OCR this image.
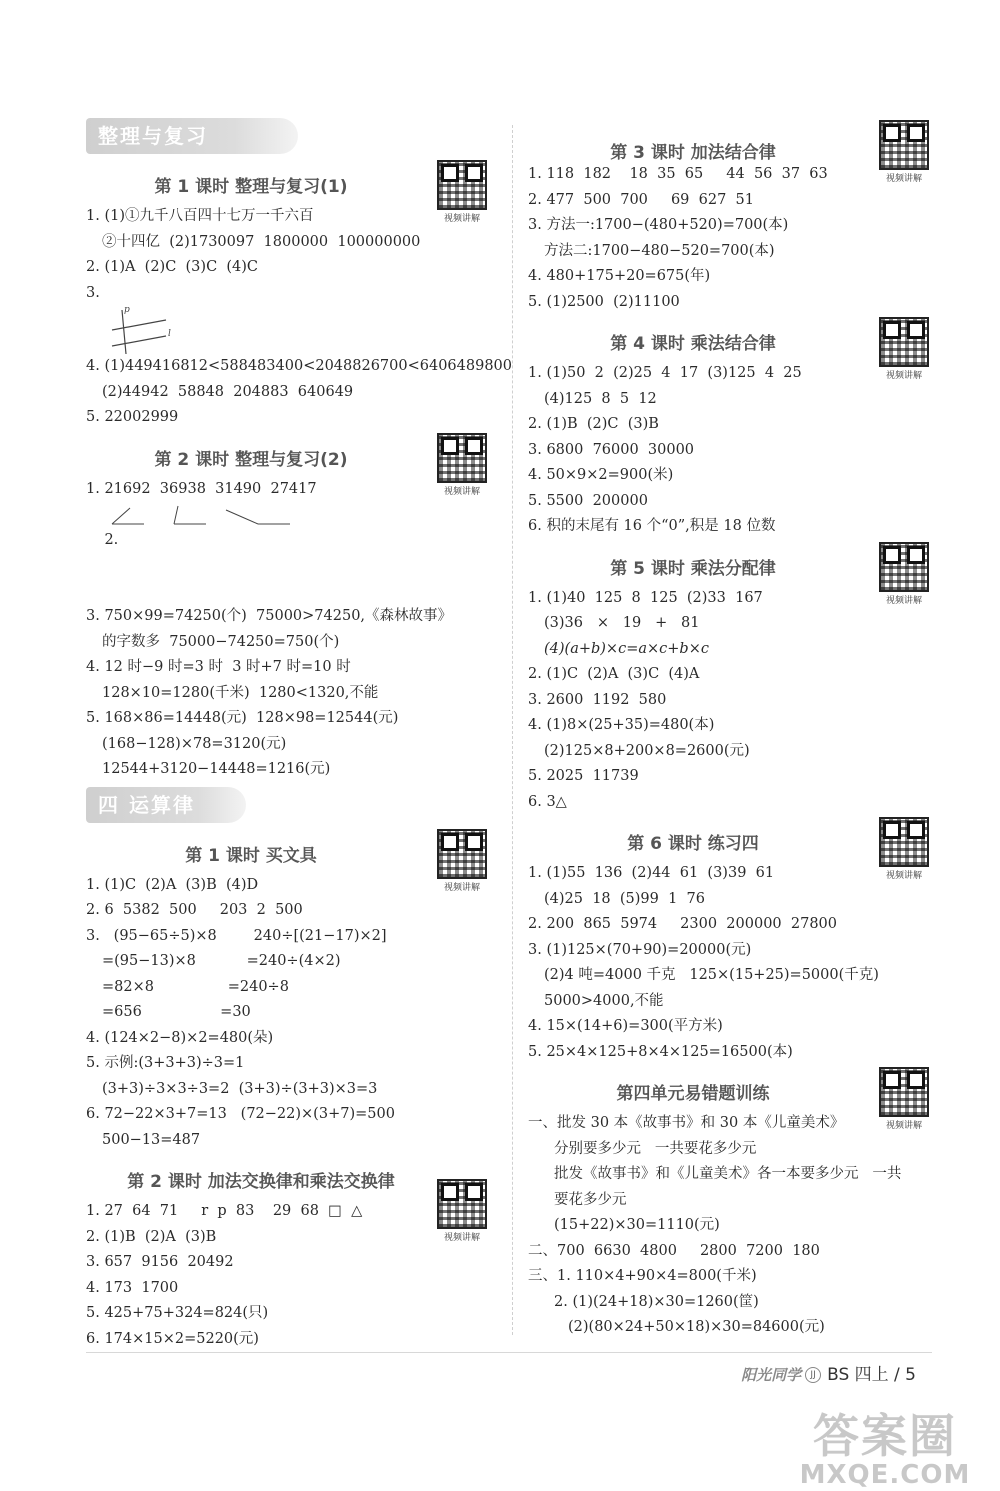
整理与复习
第 1 课时 整理与复习(1)
视频讲解
1. (1)①九千八百四十七万一千六百
②十四亿  (2)1730097  1800000  100000000
2. (1)A  (2)C  (3)C  (4)C
3.
p
l
4. (1)449416812<588483400<2048826700<6406489800
(2)44942  58848  204883  640649
5. 22002999
第 2 课时 整理与复习(2)
视频讲解
1. 21692  36938  31490  27417

2.

3. 750×99=74250(个)  75000>74250,《森林故事》
的字数多  75000−74250=750(个)
4. 12 时−9 时=3 时  3 时+7 时=10 时
128×10=1280(千米)  1280<1320,不能
5. 168×86=14448(元)  128×98=12544(元)
(168−128)×78=3120(元)
12544+3120−14448=1216(元)
四 运算律
第 1 课时 买文具
视频讲解
1. (1)C  (2)A  (3)B  (4)D
2. 6  5382  500     203  2  500
3.   (95−65÷5)×8        240÷[(21−17)×2]
=(95−13)×8           =240÷(4×2)
=82×8                =240÷8
=656                 =30
4. (124×2−8)×2=480(朵)
5. 示例:(3+3+3)÷3=1
(3+3)÷3×3÷3=2  (3+3)÷(3+3)×3=3
6. 72−22×3+7=13   (72−22)×(3+7)=500
500−13=487
第 2 课时 加法交换律和乘法交换律
视频讲解
1. 27  64  71     r  p  83    29  68  □  △
2. (1)B  (2)A  (3)B
3. 657  9156  20492
4. 173  1700
5. 425+75+324=824(只)
6. 174×15×2=5220(元)
第 3 课时 加法结合律
视频讲解
1. 118  182    18  35  65     44  56  37  63
2. 477  500  700     69  627  51
3. 方法一:1700−(480+520)=700(本)
方法二:1700−480−520=700(本)
4. 480+175+20=675(年)
5. (1)2500  (2)11100
第 4 课时 乘法结合律
视频讲解
1. (1)50  2  (2)25  4  17  (3)125  4  25
(4)125  8  5  12
2. (1)B  (2)C  (3)B
3. 6800  76000  30000
4. 50×9×2=900(米)
5. 5500  200000
6. 积的末尾有 16 个“0”,积是 18 位数
第 5 课时 乘法分配律
视频讲解
1. (1)40  125  8  125  (2)33  167
(3)36   ×   19   +   81
(4)(a+b)×c=a×c+b×c
2. (1)C  (2)A  (3)C  (4)A
3. 2600  1192  580
4. (1)8×(25+35)=480(本)
(2)125×8+200×8=2600(元)
5. 2025  11739
6. 3△
第 6 课时 练习四
视频讲解
1. (1)55  136  (2)44  61  (3)39  61
(4)25  18  (5)99  1  76
2. 200  865  5974     2300  200000  27800
3. (1)125×(70+90)=20000(元)
(2)4 吨=4000 千克   125×(15+25)=5000(千克)
5000>4000,不能
4. 15×(14+6)=300(平方米)
5. 25×4×125+8×4×125=16500(本)
第四单元易错题训练
视频讲解
一、批发 30 本《故事书》和 30 本《儿童美术》
分别要多少元   一共要花多少元
批发《故事书》和《儿童美术》各一本要多少元   一共
要花多少元
(15+22)×30=1110(元)
二、700  6630  4800     2800  7200  180
三、1. 110×4+90×4=800(千米)
2. (1)(24+18)×30=1260(筐)
(2)(80×24+50×18)×30=84600(元)
阳光同学 JJ BS 四上 / 5
答案圈
MXQE.COM
